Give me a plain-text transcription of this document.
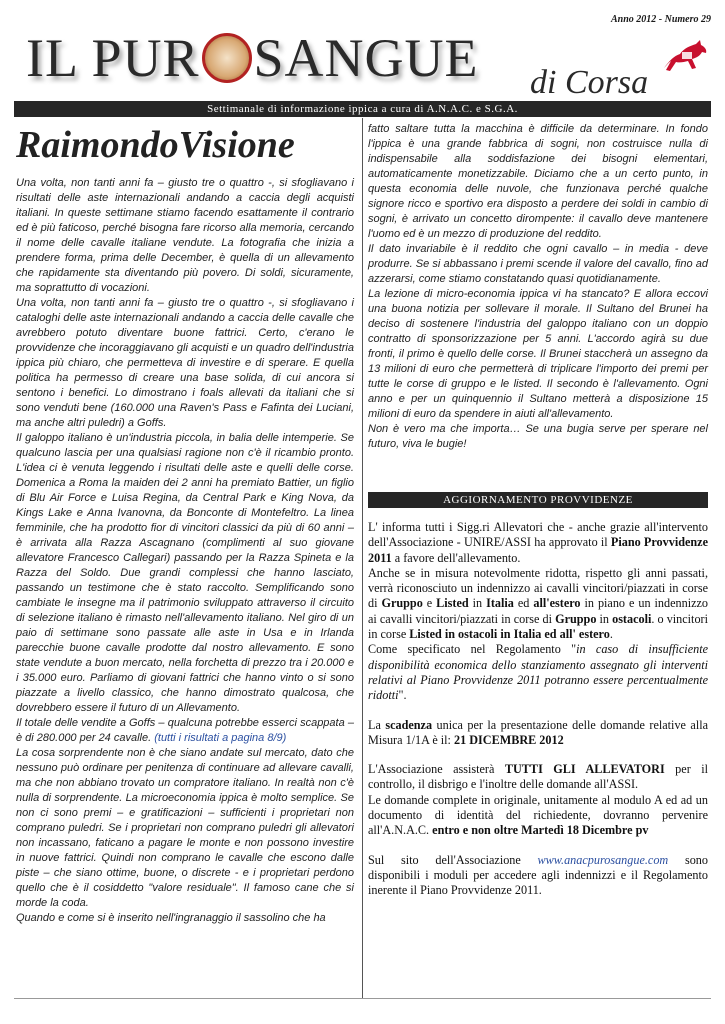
Anno 2012 - Numero 29
IL PUR SANGUE di Corsa
Settimanale di informazione ippica a cura di A.N.A.C. e S.G.A.
RaimondoVisione

Una volta, non tanti anni fa – giusto tre o quattro -, si sfogliavano i risultati delle aste internazionali andando a caccia degli acquisti italiani. In queste settimane stiamo facendo esattamente il contrario ed è più faticoso, perché bisogna fare ricorso alla memoria, cercando il nome delle cavalle italiane vendute. La fotografia che inizia a prendere forma, prima delle December, è quella di un allevamento che rapidamente sta diventando più povero. Di soldi, sicuramente, ma soprattutto di vocazioni.

Una volta, non tanti anni fa – giusto tre o quattro -, si sfogliavano i cataloghi delle aste internazionali andando a caccia delle cavalle che avrebbero potuto diventare buone fattrici. Certo, c'erano le provvidenze che incoraggiavano gli acquisti e un quadro dell'industria ippica più chiaro, che permetteva di investire e di sperare. E quella politica ha permesso di creare una base solida, di cui ancora si sentono i benefici. Lo dimostrano i foals allevati da italiani che si sono venduti bene (160.000 una Raven's Pass e Fafinta dei Luciani, ma anche altri puledri) a Goffs.

Il galoppo italiano è un'industria piccola, in balia delle intemperie. Se qualcuno lascia per una qualsiasi ragione non c'è il ricambio pronto. L'idea ci è venuta leggendo i risultati delle aste e quelli delle corse. Domenica a Roma la maiden dei 2 anni ha premiato Battier, un figlio di Blu Air Force e Luisa Regina, da Central Park e King Nova, da Kings Lake e Anna Ivanovna, da Bonconte di Montefeltro. La linea femminile, che ha prodotto fior di vincitori classici da più di 60 anni – è arrivata alla Razza Ascagnano (complimenti al suo giovane allevatore Francesco Callegari) passando per la Razza Spineta e la Razza del Soldo. Due grandi complessi che hanno lasciato, passando un testimone che è stato raccolto. Semplificando sono cambiate le insegne ma il patrimonio sviluppato attraverso il circuito di selezione italiano è rimasto nell'allevamento italiano. Nel giro di un paio di settimane sono passate alle aste in Usa e in Irlanda parecchie buone cavalle prodotte dal nostro allevamento. E sono state vendute a buon mercato, nella forchetta di prezzo tra i 20.000 e i 35.000 euro. Parliamo di giovani fattrici che hanno vinto o si sono piazzate a livello classico, che hanno dimostrato qualcosa, che dovrebbero essere il futuro di un Allevamento.

Il totale delle vendite a Goffs – qualcuna potrebbe esserci scappata – è di 280.000 per 24 cavalle. (tutti i risultati a pagina 8/9)

La cosa sorprendente non è che siano andate sul mercato, dato che nessuno può ordinare per penitenza di continuare ad allevare cavalli, ma che non abbiano trovato un compratore italiano. In realtà non c'è nulla di sorprendente. La microeconomia ippica è molto semplice. Se non ci sono premi – e gratificazioni – sufficienti i proprietari non comprano puledri. Se i proprietari non comprano puledri gli allevatori non incassano, faticano a pagare le monte e non possono investire in nuove fattrici. Quindi non comprano le cavalle che escono dalle piste – che siano ottime, buone, o discrete - e i proprietari perdono quello che è il cosiddetto "valore residuale". Il famoso cane che si morde la coda.

Quando e come si è inserito nell'ingranaggio il sassolino che ha

fatto saltare tutta la macchina è difficile da determinare. In fondo l'ippica è una grande fabbrica di sogni, non costruisce nulla di indispensabile alla soddisfazione dei bisogni elementari, automaticamente monetizzabile. Diciamo che a un certo punto, in questa economia delle nuvole, che funzionava perché qualche signore ricco e sportivo era disposto a perdere dei soldi in cambio di sogni, è arrivato un concetto dirompente: il cavallo deve mantenere l'uomo ed è un mezzo di produzione del reddito.

Il dato invariabile è il reddito che ogni cavallo – in media - deve produrre. Se si abbassano i premi scende il valore del cavallo, fino ad azzerarsi, come stiamo constatando quasi quotidianamente.

La lezione di micro-economia ippica vi ha stancato? E allora eccovi una buona notizia per sollevare il morale. Il Sultano del Brunei ha deciso di sostenere l'industria del galoppo italiano con un doppio contratto di sponsorizzazione per 5 anni. L'accordo agirà su due fronti, il primo è quello delle corse. Il Brunei staccherà un assegno da 13 milioni di euro che permetterà di triplicare l'importo dei premi per tutte le corse di gruppo e le listed. Il secondo è l'allevamento. Ogni anno e per un quinquennio il Sultano metterà a disposizione 15 milioni di euro da spendere in aiuti all'allevamento.

Non è vero ma che importa… Se una bugia serve per sperare nel futuro, viva le bugie!

AGGIORNAMENTO PROVVIDENZE

L' informa tutti i Sigg.ri Allevatori che - anche grazie all'intervento dell'Associazione - UNIRE/ASSI ha approvato il Piano Provvidenze 2011 a favore dell'allevamento.

Anche se in misura notevolmente ridotta, rispetto gli anni passati, verrà riconosciuto un indennizzo ai cavalli vincitori/piazzati in corse di Gruppo e Listed in Italia ed all'estero in piano e un indennizzo ai cavalli vincitori/piazzati in corse di Gruppo in ostacoli. o vincitori in corse Listed in ostacoli in Italia ed all' estero.

Come specificato nel Regolamento "in caso di insufficiente disponibilità economica dello stanziamento assegnato gli interventi relativi al Piano Provvidenze 2011 potranno essere percentualmente ridotti".

La scadenza unica per la presentazione delle domande relative alla Misura 1/1A è il: 21 DICEMBRE 2012

L'Associazione assisterà TUTTI GLI ALLEVATORI per il controllo, il disbrigo e l'inoltre delle domande all'ASSI.

Le domande complete in originale, unitamente al modulo A ed ad un documento di identità del richiedente, dovranno pervenire all'A.N.A.C. entro e non oltre Martedì 18 Dicembre pv

Sul sito dell'Associazione www.anacpurosangue.com sono disponibili i moduli per accedere agli indennizzi e il Regolamento inerente il Piano Provvidenze 2011.
